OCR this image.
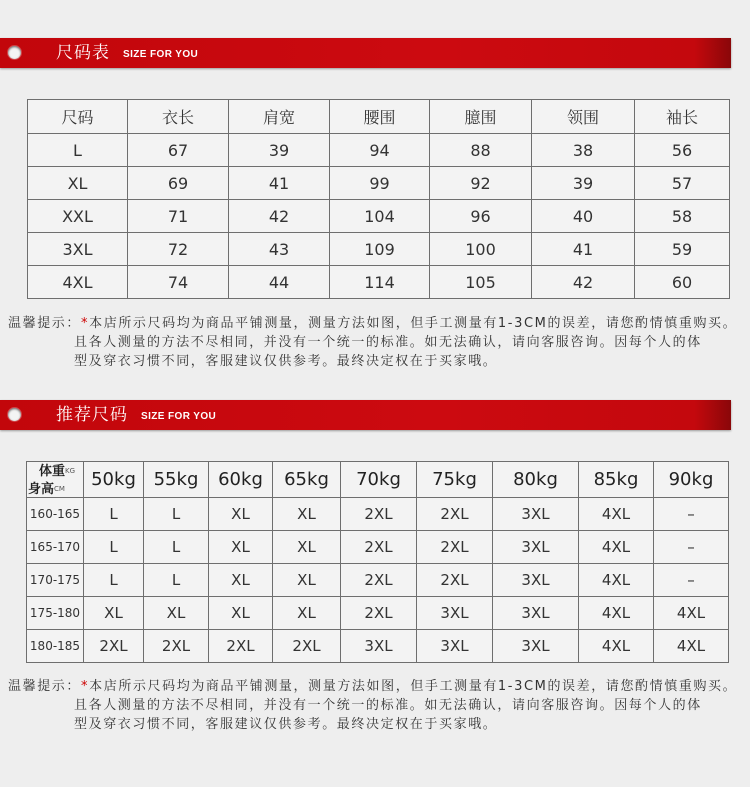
尺码表 SIZE FOR YOU
尺码	衣长	肩宽	腰围	臆围	领围	袖长
L	67	39	94	88	38	56
XL	69	41	99	92	39	57
XXL	71	42	104	96	40	58
3XL	72	43	109	100	41	59
4XL	74	44	114	105	42	60
温馨提示：*本店所示尺码均为商品平铺测量，测量方法如图，但手工测量有1-3CM的误差，请您酌情慎重购买。
且各人测量的方法不尽相同，并没有一个统一的标准。如无法确认，请向客服咨询。因每个人的体
型及穿衣习惯不同，客服建议仅供参考。最终决定权在于买家哦。
推荐尺码 SIZE FOR YOU
体重$^{KG}$
身高$^{CM}$	50kg	55kg	60kg	65kg	70kg	75kg	80kg	85kg	90kg
160-165	L	L	XL	XL	2XL	2XL	3XL	4XL	–
165-170	L	L	XL	XL	2XL	2XL	3XL	4XL	–
170-175	L	L	XL	XL	2XL	2XL	3XL	4XL	–
175-180	XL	XL	XL	XL	2XL	3XL	3XL	4XL	4XL
180-185	2XL	2XL	2XL	2XL	3XL	3XL	3XL	4XL	4XL
温馨提示：*本店所示尺码均为商品平铺测量，测量方法如图，但手工测量有1-3CM的误差，请您酌情慎重购买。
且各人测量的方法不尽相同，并没有一个统一的标准。如无法确认，请向客服咨询。因每个人的体
型及穿衣习惯不同，客服建议仅供参考。最终决定权在于买家哦。
